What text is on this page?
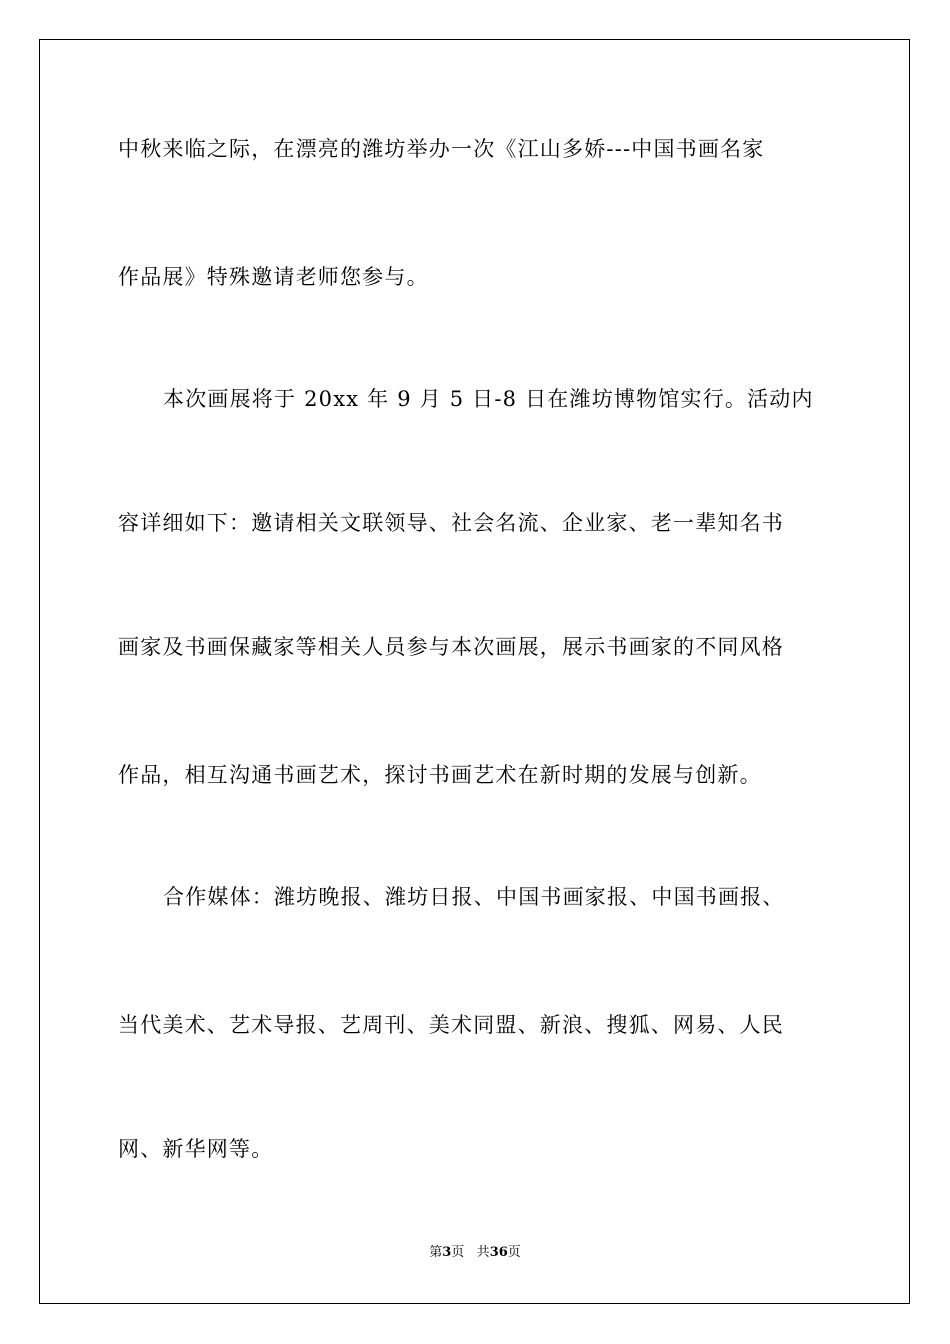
中秋来临之际，在漂亮的潍坊举办一次《江山多娇---中国书画名家
作品展》特殊邀请老师您参与。
本次画展将于 20xx 年 9 月 5 日-8 日在潍坊博物馆实行。活动内
容详细如下：邀请相关文联领导、社会名流、企业家、老一辈知名书
画家及书画保藏家等相关人员参与本次画展，展示书画家的不同风格
作品，相互沟通书画艺术，探讨书画艺术在新时期的发展与创新。
合作媒体：潍坊晚报、潍坊日报、中国书画家报、中国书画报、
当代美术、艺术导报、艺周刊、美术同盟、新浪、搜狐、网易、人民
网、新华网等。
第3页 共36页
